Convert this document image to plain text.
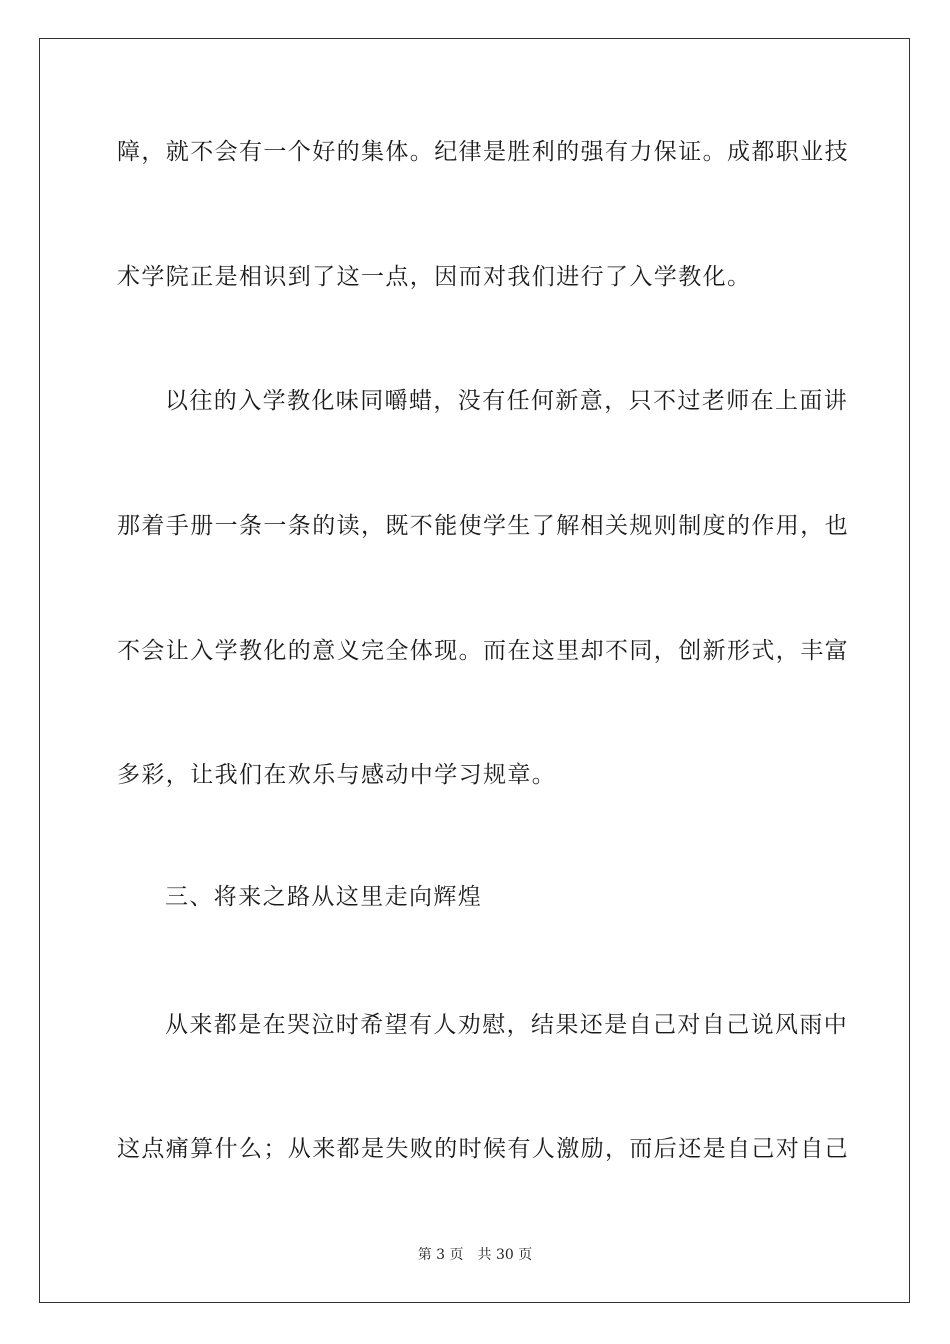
障，就不会有一个好的集体。纪律是胜利的强有力保证。成都职业技
术学院正是相识到了这一点，因而对我们进行了入学教化。
以往的入学教化味同嚼蜡，没有任何新意，只不过老师在上面讲
那着手册一条一条的读，既不能使学生了解相关规则制度的作用，也
不会让入学教化的意义完全体现。而在这里却不同，创新形式，丰富
多彩，让我们在欢乐与感动中学习规章。
三、将来之路从这里走向辉煌
从来都是在哭泣时希望有人劝慰，结果还是自己对自己说风雨中
这点痛算什么；从来都是失败的时候有人激励，而后还是自己对自己
第 3 页　共 30 页
